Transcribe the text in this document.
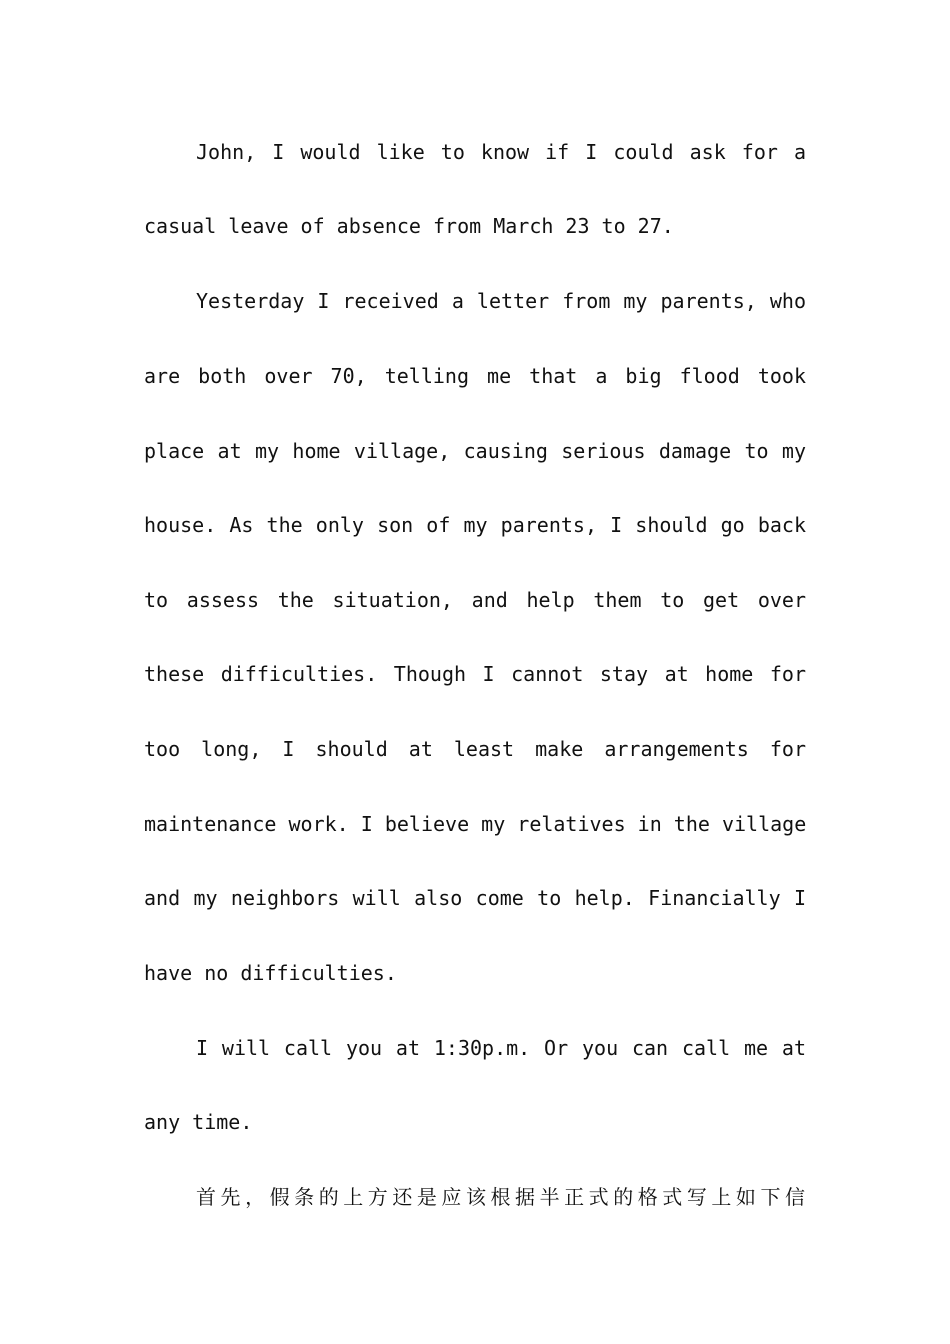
John, I would like to know if I could ask for a
casual leave of absence from March 23 to 27.
Yesterday I received a letter from my parents, who
are both over 70, telling me that a big flood took
place at my home village, causing serious damage to my
house. As the only son of my parents, I should go back
to assess the situation, and help them to get over
these difficulties. Though I cannot stay at home for
too long, I should at least make arrangements for
maintenance work. I believe my relatives in the village
and my neighbors will also come to help. Financially I
have no difficulties.
I will call you at 1:30p.m. Or you can call me at
any time.
首先，假条的上方还是应该根据半正式的格式写上如下信
